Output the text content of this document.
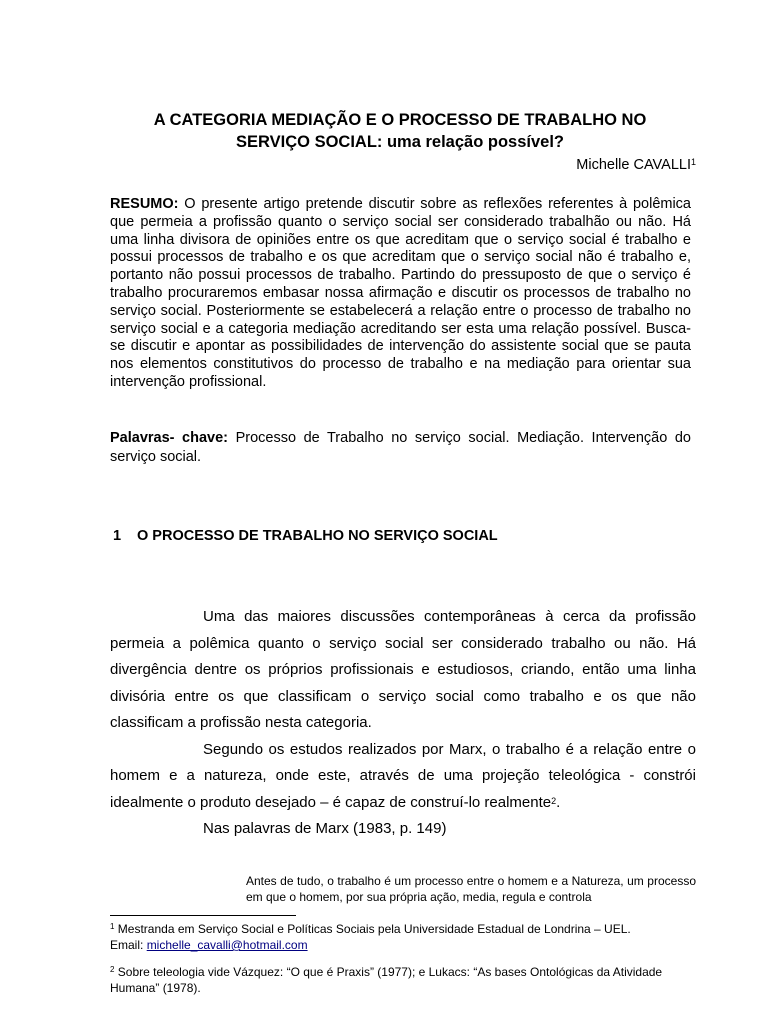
A CATEGORIA MEDIAÇÃO E O PROCESSO DE TRABALHO NO
SERVIÇO SOCIAL: uma relação possível?
Michelle CAVALLI$^1$
RESUMO: O presente artigo pretende discutir sobre as reflexões referentes à polêmica que permeia a profissão quanto o serviço social ser considerado trabalhão ou não. Há uma linha divisora de opiniões entre os que acreditam que o serviço social é trabalho e possui processos de trabalho e os que acreditam que o serviço social não é trabalho e, portanto não possui processos de trabalho. Partindo do pressuposto de que o serviço é trabalho procuraremos embasar nossa afirmação e discutir os processos de trabalho no serviço social. Posteriormente se estabelecerá a relação entre o processo de trabalho no serviço social e a categoria mediação acreditando ser esta uma relação possível. Busca-se discutir e apontar as possibilidades de intervenção do assistente social que se pauta nos elementos constitutivos do processo de trabalho e na mediação para orientar sua intervenção profissional.
Palavras- chave: Processo de Trabalho no serviço social. Mediação. Intervenção do serviço social.
1 O PROCESSO DE TRABALHO NO SERVIÇO SOCIAL

Uma das maiores discussões contemporâneas à cerca da profissão permeia a polêmica quanto o serviço social ser considerado trabalho ou não. Há divergência dentre os próprios profissionais e estudiosos, criando, então uma linha divisória entre os que classificam o serviço social como trabalho e os que não classificam a profissão nesta categoria.

Segundo os estudos realizados por Marx, o trabalho é a relação entre o homem e a natureza, onde este, através de uma projeção teleológica - constrói idealmente o produto desejado – é capaz de construí-lo realmente$^2$.

Nas palavras de Marx (1983, p. 149)

Antes de tudo, o trabalho é um processo entre o homem e a Natureza, um processo em que o homem, por sua própria ação, media, regula e controla
$^1$ Mestranda em Serviço Social e Políticas Sociais pela Universidade Estadual de Londrina – UEL.
Email: michelle_cavalli@hotmail.com
$^2$ Sobre teleologia vide Vázquez: “O que é Praxis” (1977); e Lukacs: “As bases Ontológicas da Atividade Humana” (1978).
